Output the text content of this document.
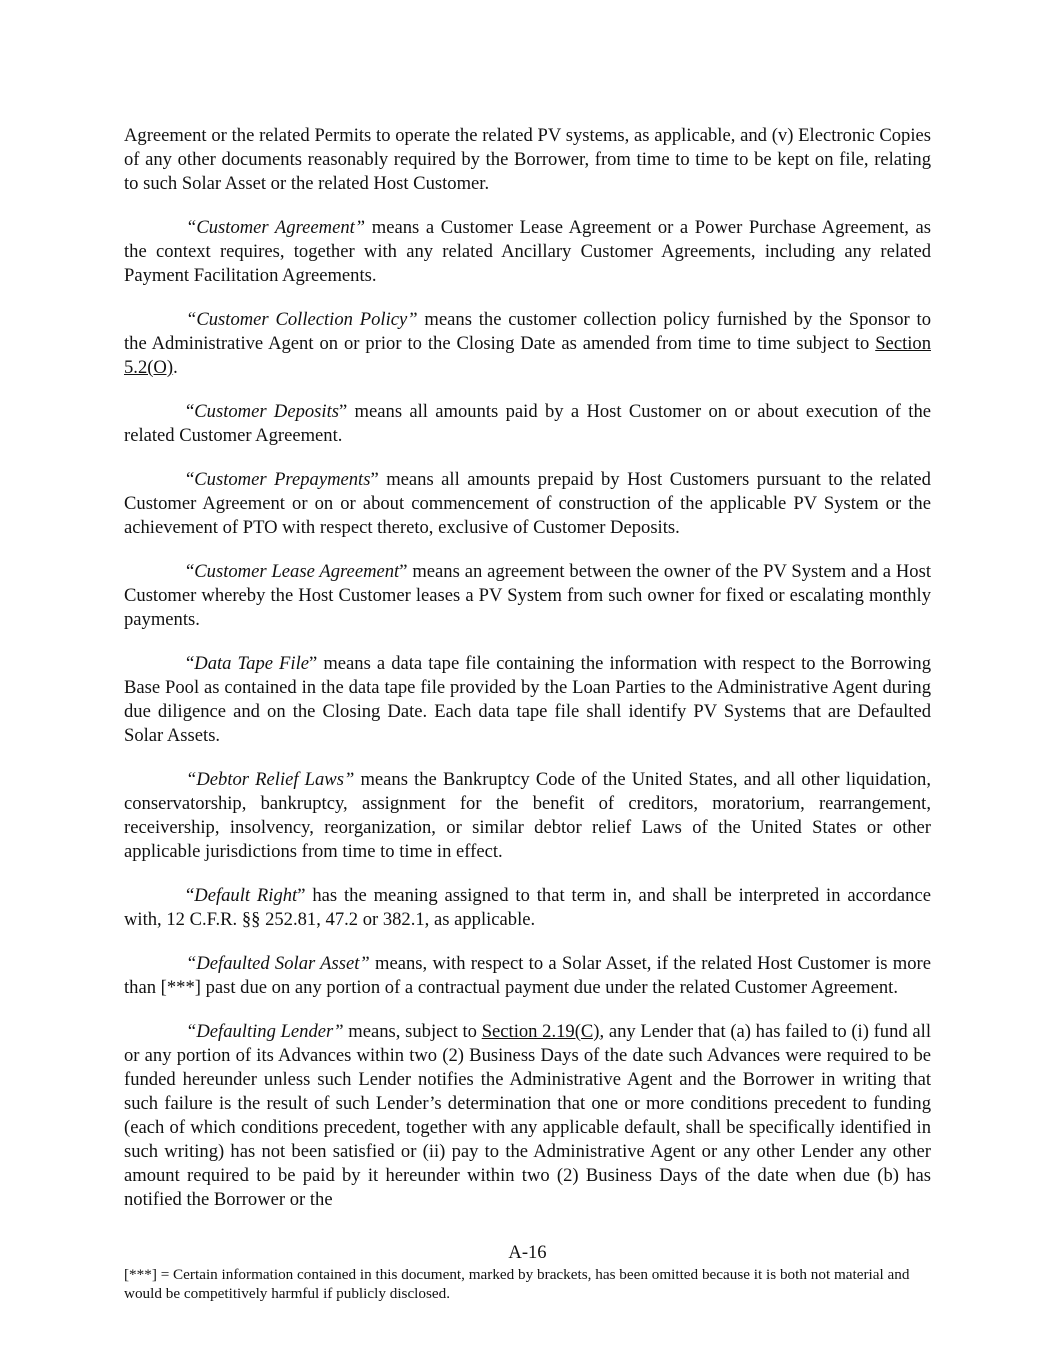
Agreement or the related Permits to operate the related PV systems, as applicable, and (v) Electronic Copies of any other documents reasonably required by the Borrower, from time to time to be kept on file, relating to such Solar Asset or the related Host Customer.

“Customer Agreement” means a Customer Lease Agreement or a Power Purchase Agreement, as the context requires, together with any related Ancillary Customer Agreements, including any related Payment Facilitation Agreements.

“Customer Collection Policy” means the customer collection policy furnished by the Sponsor to the Administrative Agent on or prior to the Closing Date as amended from time to time subject to Section 5.2(O).

“Customer Deposits” means all amounts paid by a Host Customer on or about execution of the related Customer Agreement.

“Customer Prepayments” means all amounts prepaid by Host Customers pursuant to the related Customer Agreement or on or about commencement of construction of the applicable PV System or the achievement of PTO with respect thereto, exclusive of Customer Deposits.

“Customer Lease Agreement” means an agreement between the owner of the PV System and a Host Customer whereby the Host Customer leases a PV System from such owner for fixed or escalating monthly payments.

“Data Tape File” means a data tape file containing the information with respect to the Borrowing Base Pool as contained in the data tape file provided by the Loan Parties to the Administrative Agent during due diligence and on the Closing Date. Each data tape file shall identify PV Systems that are Defaulted Solar Assets.

“Debtor Relief Laws” means the Bankruptcy Code of the United States, and all other liquidation, conservatorship, bankruptcy, assignment for the benefit of creditors, moratorium, rearrangement, receivership, insolvency, reorganization, or similar debtor relief Laws of the United States or other applicable jurisdictions from time to time in effect.

“Default Right” has the meaning assigned to that term in, and shall be interpreted in accordance with, 12 C.F.R. §§ 252.81, 47.2 or 382.1, as applicable.

“Defaulted Solar Asset” means, with respect to a Solar Asset, if the related Host Customer is more than [***] past due on any portion of a contractual payment due under the related Customer Agreement.

“Defaulting Lender” means, subject to Section 2.19(C), any Lender that (a) has failed to (i) fund all or any portion of its Advances within two (2) Business Days of the date such Advances were required to be funded hereunder unless such Lender notifies the Administrative Agent and the Borrower in writing that such failure is the result of such Lender’s determination that one or more conditions precedent to funding (each of which conditions precedent, together with any applicable default, shall be specifically identified in such writing) has not been satisfied or (ii) pay to the Administrative Agent or any other Lender any other amount required to be paid by it hereunder within two (2) Business Days of the date when due (b) has notified the Borrower or the

A-16

[***] = Certain information contained in this document, marked by brackets, has been omitted because it is both not material and would be competitively harmful if publicly disclosed.
